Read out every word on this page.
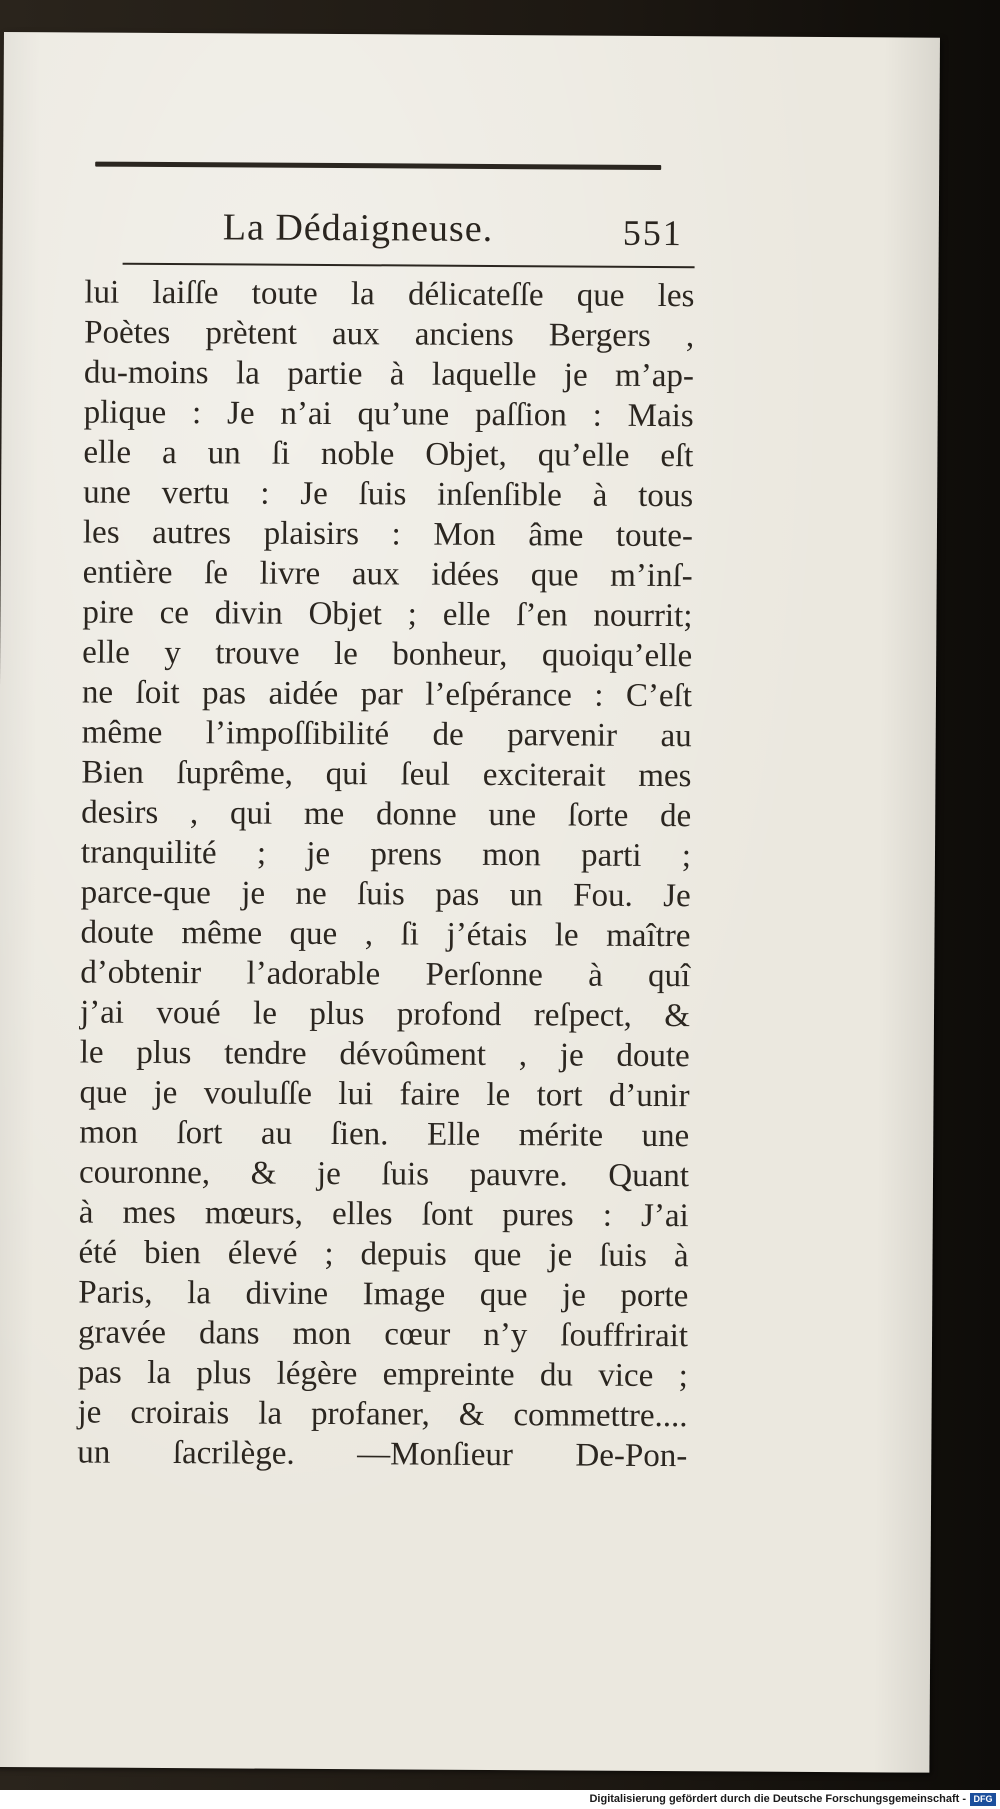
La Dédaigneuse.	551
lui laiſſe toute la délicateſſe que les
Poètes prètent aux anciens Bergers ,
du-moins la partie à laquelle je m’ap-
plique : Je n’ai qu’une paſſion : Mais
elle a un ſi noble Objet, qu’elle eſt
une vertu : Je ſuis inſenſible à tous
les autres plaisirs : Mon âme toute-
entière ſe livre aux idées que m’inſ-
pire ce divin Objet ; elle ſ’en nourrit;
elle y trouve le bonheur, quoiqu’elle
ne ſoit pas aidée par l’eſpérance : C’eſt
même l’impoſſibilité de parvenir au
Bien ſuprême, qui ſeul exciterait mes
desirs , qui me donne une ſorte de
tranquilité ; je prens mon parti ;
parce-que je ne ſuis pas un Fou. Je
doute même que , ſi j’étais le maître
d’obtenir l’adorable Perſonne à quî
j’ai voué le plus profond reſpect, &
le plus tendre dévoûment , je doute
que je vouluſſe lui faire le tort d’unir
mon ſort au ſien. Elle mérite une
couronne, & je ſuis pauvre. Quant
à mes mœurs, elles ſont pures : J’ai
été bien élevé ; depuis que je ſuis à
Paris, la divine Image que je porte
gravée dans mon cœur n’y ſouffrirait
pas la plus légère empreinte du vice ;
je croirais la profaner, & commettre....
un ſacrilège. —Monſieur De-Pon-
Digitalisierung gefördert durch die Deutsche Forschungsgemeinschaft - DFG
